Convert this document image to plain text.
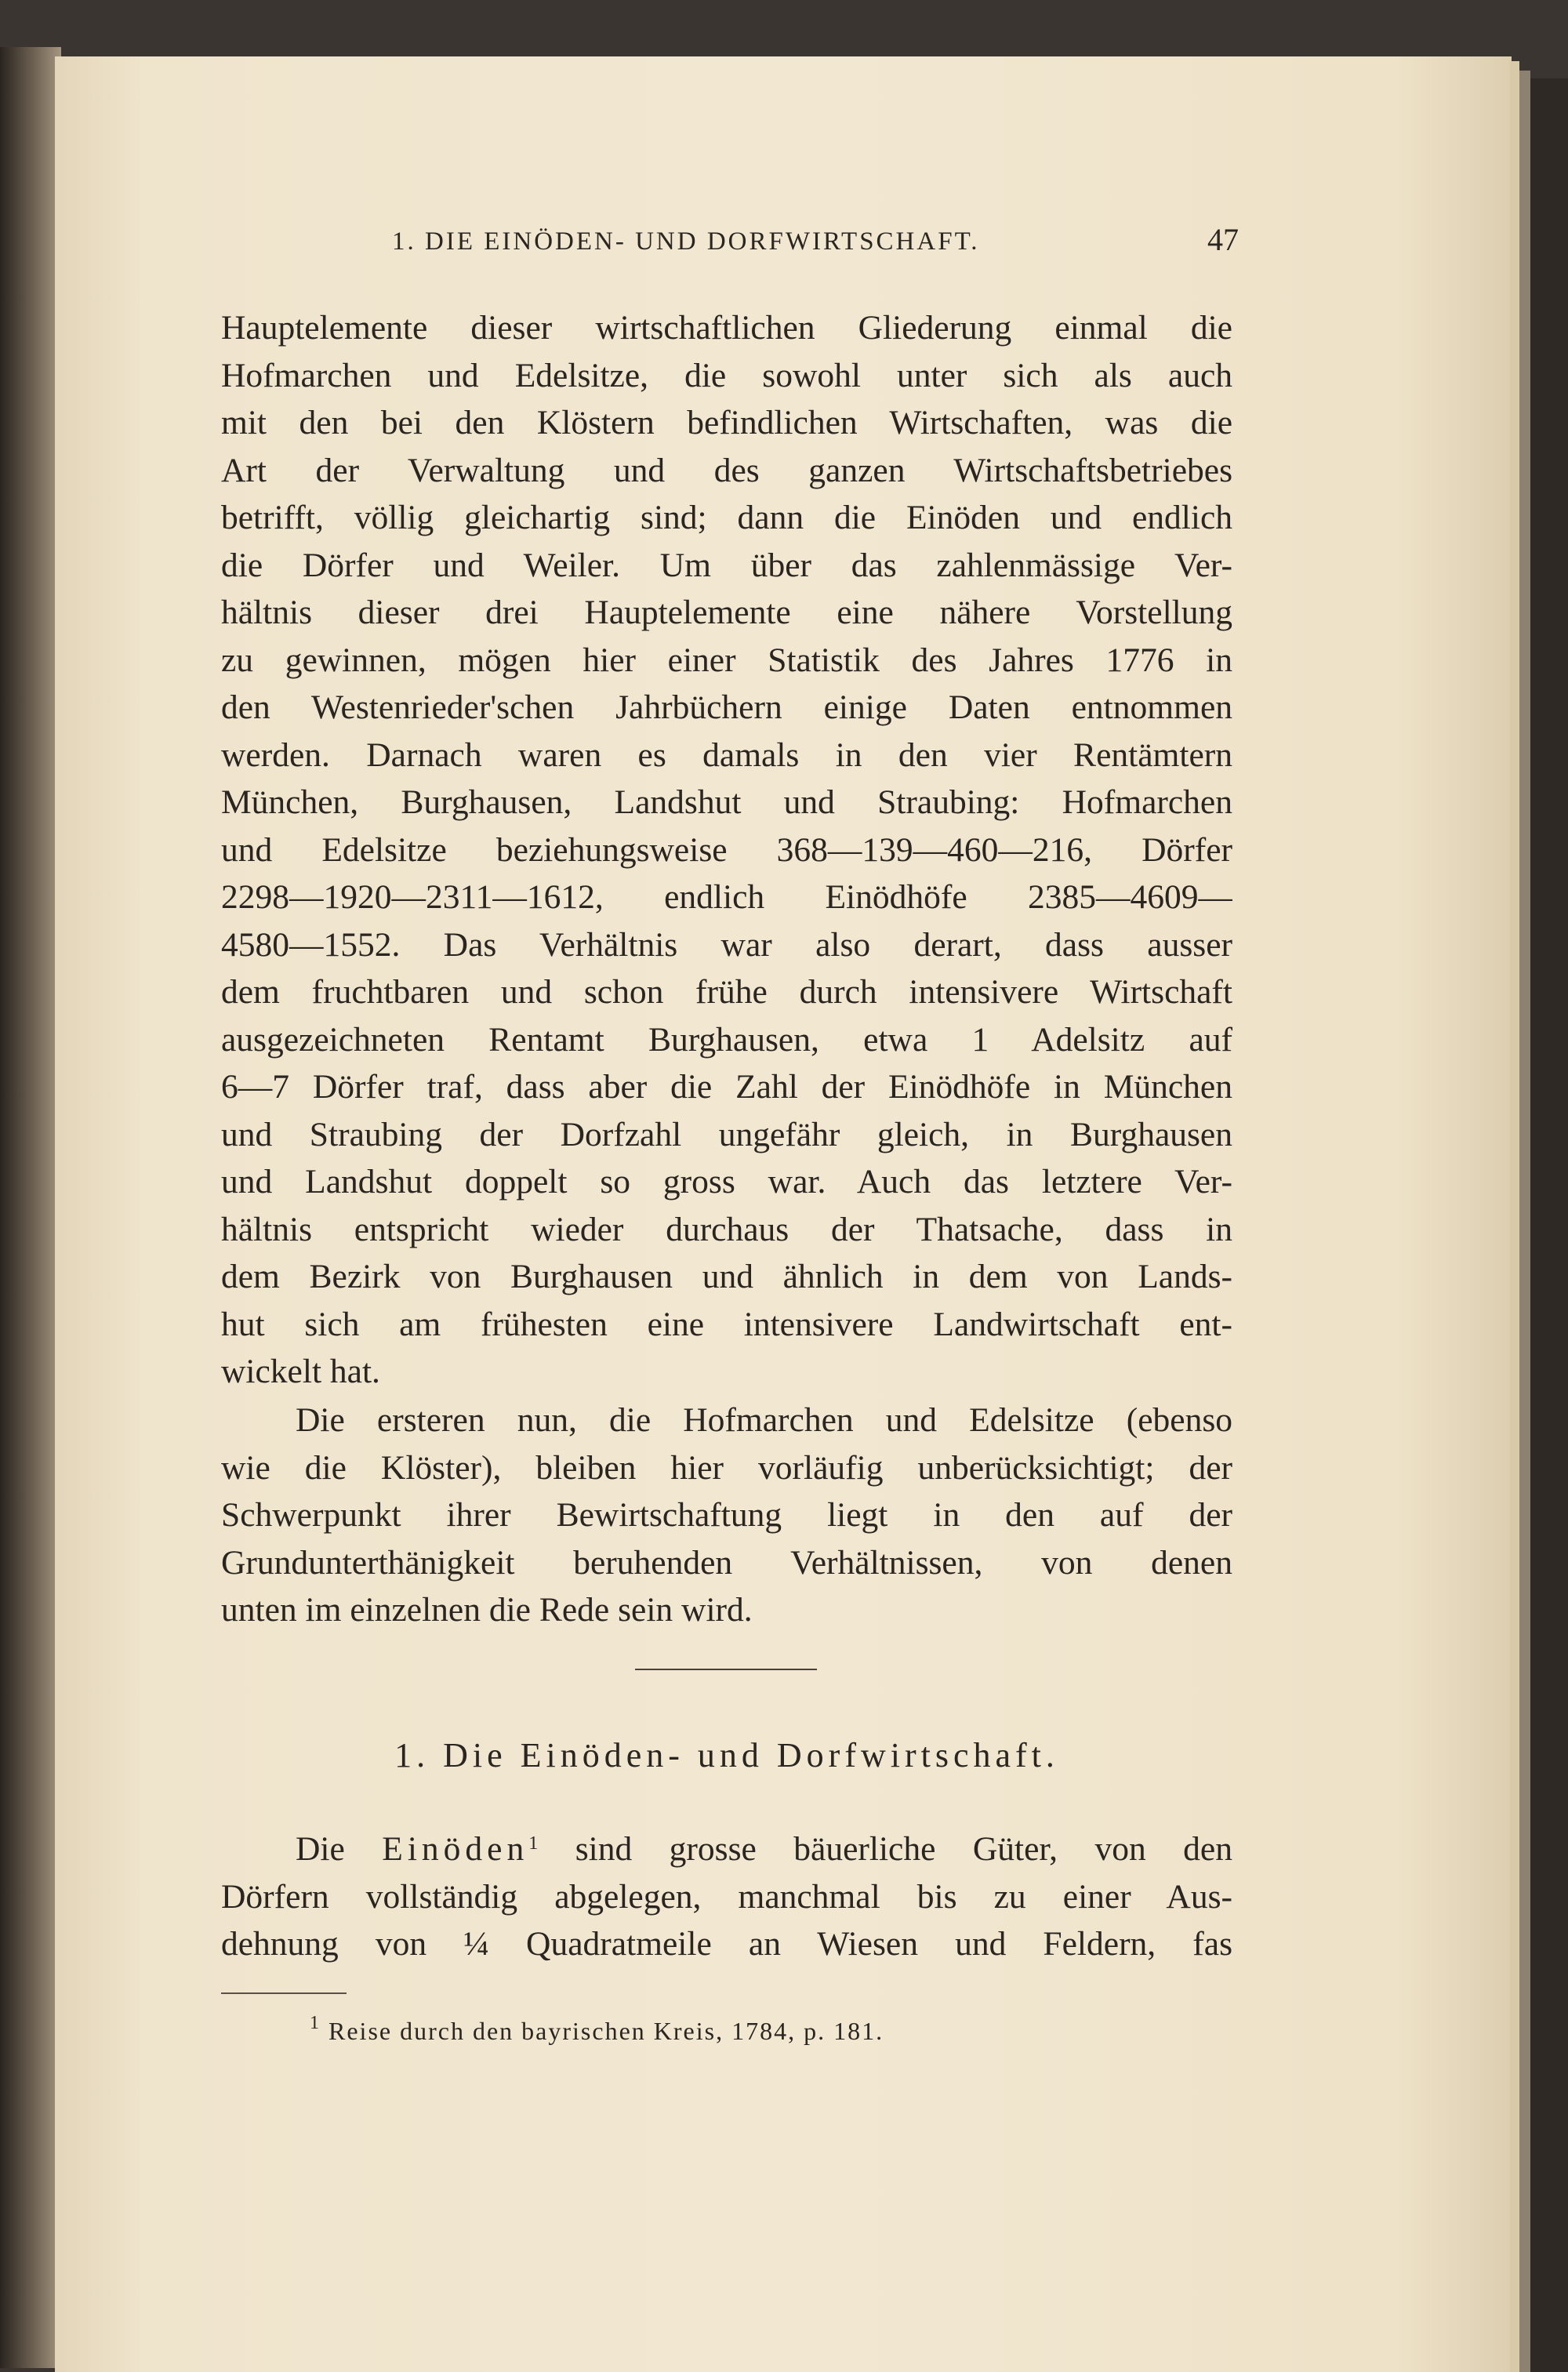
1. DIE EINÖDEN- UND DORFWIRTSCHAFT.	47
Hauptelemente dieser wirtschaftlichen Gliederung einmal die
Hofmarchen und Edelsitze, die sowohl unter sich als auch
mit den bei den Klöstern befindlichen Wirtschaften, was die
Art der Verwaltung und des ganzen Wirtschaftsbetriebes
betrifft, völlig gleichartig sind; dann die Einöden und endlich
die Dörfer und Weiler. Um über das zahlenmässige Ver-
hältnis dieser drei Hauptelemente eine nähere Vorstellung
zu gewinnen, mögen hier einer Statistik des Jahres 1776 in
den Westenrieder'schen Jahrbüchern einige Daten entnommen
werden. Darnach waren es damals in den vier Rentämtern
München, Burghausen, Landshut und Straubing: Hofmarchen
und Edelsitze beziehungsweise 368—139—460—216, Dörfer
2298—1920—2311—1612, endlich Einödhöfe 2385—4609—
4580—1552. Das Verhältnis war also derart, dass ausser
dem fruchtbaren und schon frühe durch intensivere Wirtschaft
ausgezeichneten Rentamt Burghausen, etwa 1 Adelsitz auf
6—7 Dörfer traf, dass aber die Zahl der Einödhöfe in München
und Straubing der Dorfzahl ungefähr gleich, in Burghausen
und Landshut doppelt so gross war. Auch das letztere Ver-
hältnis entspricht wieder durchaus der Thatsache, dass in
dem Bezirk von Burghausen und ähnlich in dem von Lands-
hut sich am frühesten eine intensivere Landwirtschaft ent-
wickelt hat.
Die ersteren nun, die Hofmarchen und Edelsitze (ebenso
wie die Klöster), bleiben hier vorläufig unberücksichtigt; der
Schwerpunkt ihrer Bewirtschaftung liegt in den auf der
Grundunterthänigkeit beruhenden Verhältnissen, von denen
unten im einzelnen die Rede sein wird.
1. Die Einöden- und Dorfwirtschaft.
Die Einöden$^1$ sind grosse bäuerliche Güter, von den
Dörfern vollständig abgelegen, manchmal bis zu einer Aus-
dehnung von ¼ Quadratmeile an Wiesen und Feldern, fas
$^1$ Reise durch den bayrischen Kreis, 1784, p. 181.
